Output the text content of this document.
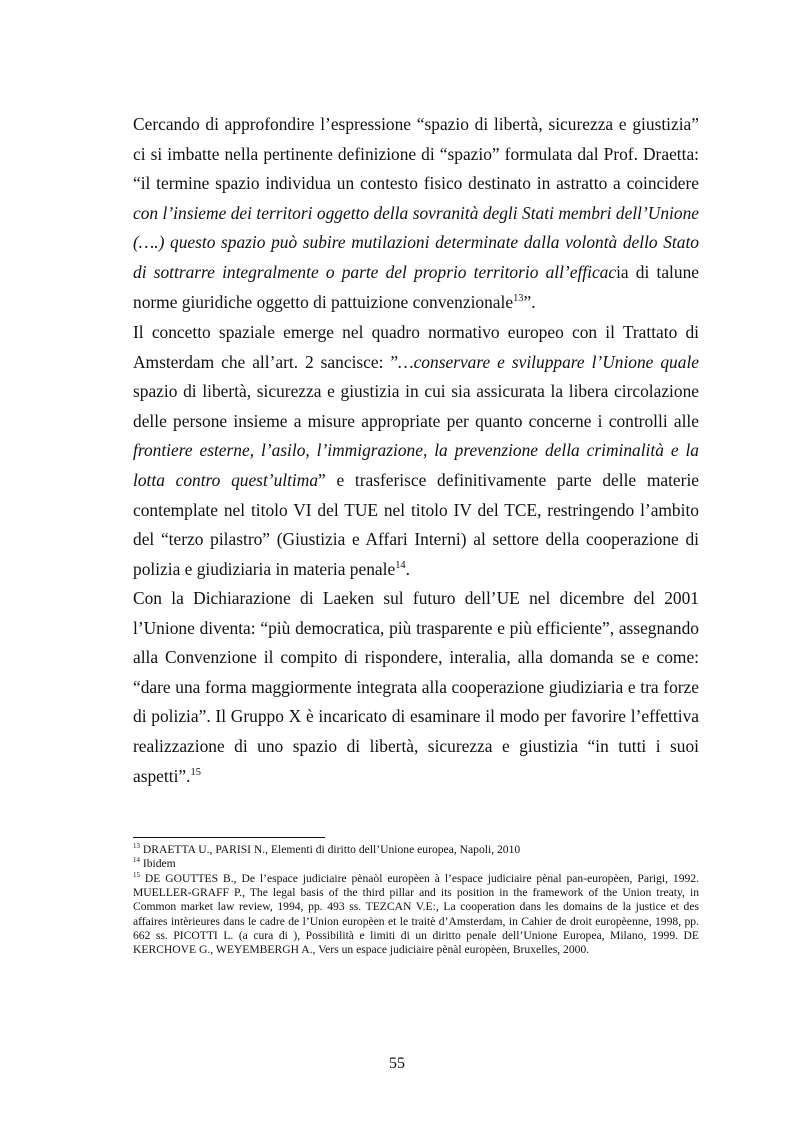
Cercando di approfondire l’espressione “spazio di libertà, sicurezza e giustizia” ci si imbatte nella pertinente definizione di “spazio” formulata dal Prof. Draetta: “il termine spazio individua un contesto fisico destinato in astratto a coincidere con l’insieme dei territori oggetto della sovranità degli Stati membri dell’Unione (….) questo spazio può subire mutilazioni determinate dalla volontà dello Stato di sottrarre integralmente o parte del proprio territorio all’efficacia di talune norme giuridiche oggetto di pattuizione convenzionale$^{13}$”.

Il concetto spaziale emerge nel quadro normativo europeo con il Trattato di Amsterdam che all’art. 2 sancisce: ”…conservare e sviluppare l’Unione quale spazio di libertà, sicurezza e giustizia in cui sia assicurata la libera circolazione delle persone insieme a misure appropriate per quanto concerne i controlli alle frontiere esterne, l’asilo, l’immigrazione, la prevenzione della criminalità e la lotta contro quest’ultima” e trasferisce definitivamente parte delle materie contemplate nel titolo VI del TUE nel titolo IV del TCE, restringendo l’ambito del “terzo pilastro” (Giustizia e Affari Interni) al settore della cooperazione di polizia e giudiziaria in materia penale$^{14}$.

Con la Dichiarazione di Laeken sul futuro dell’UE nel dicembre del 2001 l’Unione diventa: “più democratica, più trasparente e più efficiente”, assegnando alla Convenzione il compito di rispondere, interalia, alla domanda se e come: “dare una forma maggiormente integrata alla cooperazione giudiziaria e tra forze di polizia”. Il Gruppo X è incaricato di esaminare il modo per favorire l’effettiva realizzazione di uno spazio di libertà, sicurezza e giustizia “in tutti i suoi aspetti”.$^{15}$

$^{13}$ DRAETTA U., PARISI N., Elementi di diritto dell’Unione europea, Napoli, 2010

$^{14}$ Ibidem

$^{15}$ DE GOUTTES B., De l’espace judiciaire pènaòl europèen à l’espace judiciaire pènal pan-europèen, Parigi, 1992. MUELLER-GRAFF P., The legal basis of the third pillar and its position in the framework of the Union treaty, in Common market law review, 1994, pp. 493 ss. TEZCAN V.E:, La cooperation dans les domains de la justice et des affaires intèrieures dans le cadre de l’Union europèen et le traitè d’Amsterdam, in Cahier de droit europèenne, 1998, pp. 662 ss. PICOTTI L. (a cura di ), Possibilità e limiti di un diritto penale dell’Unione Europea, Milano, 1999. DE KERCHOVE G., WEYEMBERGH A., Vers un espace judiciaire pènàl europèen, Bruxelles, 2000.

55
